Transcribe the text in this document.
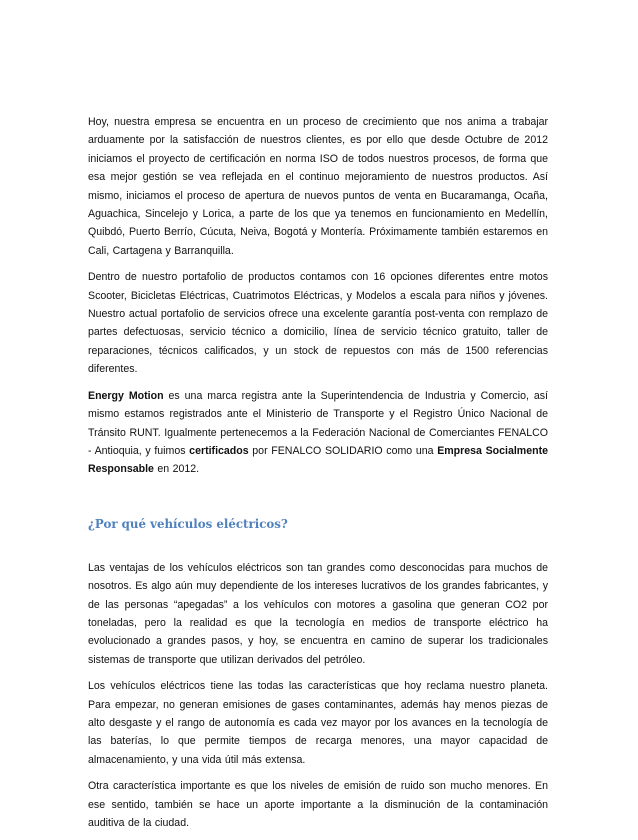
Hoy, nuestra empresa se encuentra en un proceso de crecimiento que nos anima a trabajar arduamente por la satisfacción de nuestros clientes, es por ello que desde Octubre de 2012 iniciamos el proyecto de certificación en norma ISO de todos nuestros procesos, de forma que esa mejor gestión se vea reflejada en el continuo mejoramiento de nuestros productos. Así mismo, iniciamos el proceso de apertura de nuevos puntos de venta en Bucaramanga, Ocaña, Aguachica, Sincelejo y Lorica, a parte de los que ya tenemos en funcionamiento en Medellín, Quibdó, Puerto Berrío, Cúcuta, Neiva, Bogotá y Montería. Próximamente también estaremos en Cali, Cartagena y Barranquilla.

Dentro de nuestro portafolio de productos contamos con 16 opciones diferentes entre motos Scooter, Bicicletas Eléctricas, Cuatrimotos Eléctricas, y Modelos a escala para niños y jóvenes. Nuestro actual portafolio de servicios ofrece una excelente garantía post-venta con remplazo de partes defectuosas, servicio técnico a domicilio, línea de servicio técnico gratuito, taller de reparaciones, técnicos calificados, y un stock de repuestos con más de 1500 referencias diferentes.

Energy Motion es una marca registra ante la Superintendencia de Industria y Comercio, así mismo estamos registrados ante el Ministerio de Transporte y el Registro Único Nacional de Tránsito RUNT. Igualmente pertenecemos a la Federación Nacional de Comerciantes FENALCO - Antioquia, y fuimos certificados por FENALCO SOLIDARIO como una Empresa Socialmente Responsable en 2012.

¿Por qué vehículos eléctricos?

Las ventajas de los vehículos eléctricos son tan grandes como desconocidas para muchos de nosotros. Es algo aún muy dependiente de los intereses lucrativos de los grandes fabricantes, y de las personas “apegadas” a los vehículos con motores a gasolina que generan CO2 por toneladas, pero la realidad es que la tecnología en medios de transporte eléctrico ha evolucionado a grandes pasos, y hoy, se encuentra en camino de superar los tradicionales sistemas de transporte que utilizan derivados del petróleo.

Los vehículos eléctricos tiene las todas las características que hoy reclama nuestro planeta. Para empezar, no generan emisiones de gases contaminantes, además hay menos piezas de alto desgaste y el rango de autonomía es cada vez mayor por los avances en la tecnología de las baterías, lo que permite tiempos de recarga menores, una mayor capacidad de almacenamiento, y una vida útil más extensa.

Otra característica importante es que los niveles de emisión de ruido son mucho menores. En ese sentido, también se hace un aporte importante a la disminución de la contaminación auditiva de la ciudad.
